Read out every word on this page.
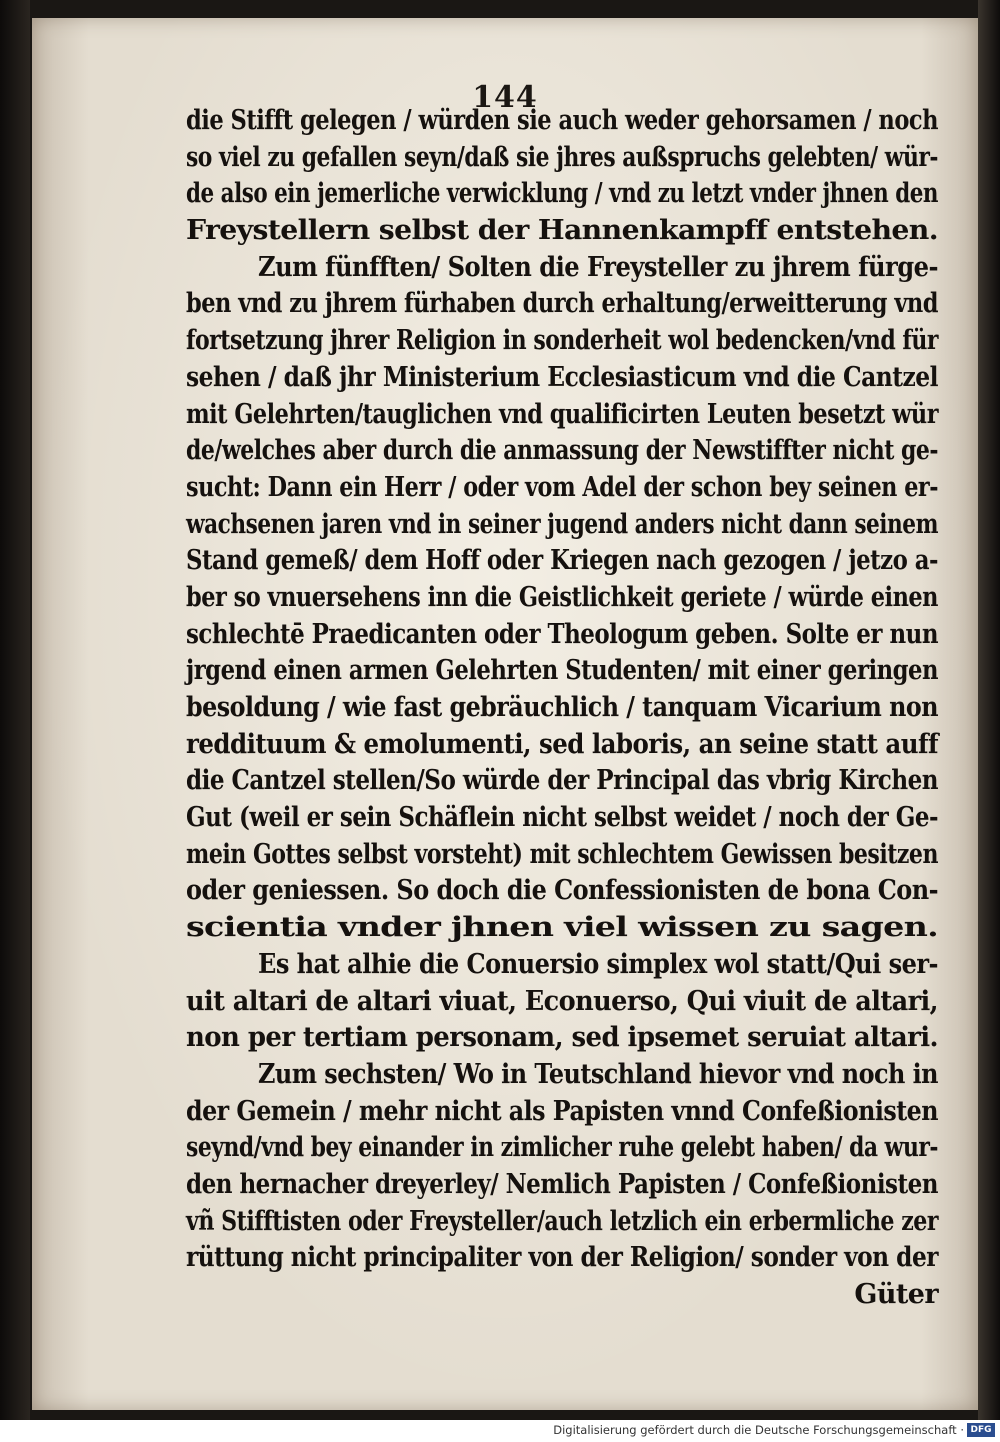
144
die Stifft gelegen / würden sie auch weder gehorsamen / noch
so viel zu gefallen seyn/daß sie jhres außspruchs gelebten/ wür-
de also ein jemerliche verwicklung / vnd zu letzt vnder jhnen den
Freystellern selbst der Hannenkampff entstehen.
Zum fünfften/ Solten die Freysteller zu jhrem fürge-
ben vnd zu jhrem fürhaben durch erhaltung/erweitterung vnd
fortsetzung jhrer Religion in sonderheit wol bedencken/vnd für
sehen / daß jhr Ministerium Ecclesiasticum vnd die Cantzel
mit Gelehrten/tauglichen vnd qualificirten Leuten besetzt wür
de/welches aber durch die anmassung der Newstiffter nicht ge-
sucht: Dann ein Herr / oder vom Adel der schon bey seinen er-
wachsenen jaren vnd in seiner jugend anders nicht dann seinem
Stand gemeß/ dem Hoff oder Kriegen nach gezogen / jetzo a-
ber so vnuersehens inn die Geistlichkeit geriete / würde einen
schlechtē Praedicanten oder Theologum geben. Solte er nun
jrgend einen armen Gelehrten Studenten/ mit einer geringen
besoldung / wie fast gebräuchlich / tanquam Vicarium non
reddituum & emolumenti, sed laboris, an seine statt auff
die Cantzel stellen/So würde der Principal das vbrig Kirchen
Gut (weil er sein Schäflein nicht selbst weidet / noch der Ge-
mein Gottes selbst vorsteht) mit schlechtem Gewissen besitzen
oder geniessen. So doch die Confessionisten de bona Con-
scientia vnder jhnen viel wissen zu sagen.
Es hat alhie die Conuersio simplex wol statt/Qui ser-
uit altari de altari viuat, Econuerso, Qui viuit de altari,
non per tertiam personam, sed ipsemet seruiat altari.
Zum sechsten/ Wo in Teutschland hievor vnd noch in
der Gemein / mehr nicht als Papisten vnnd Confeßionisten
seynd/vnd bey einander in zimlicher ruhe gelebt haben/ da wur-
den hernacher dreyerley/ Nemlich Papisten / Confeßionisten
vñ Stifftisten oder Freysteller/auch letzlich ein erbermliche zer
rüttung nicht principaliter von der Religion/ sonder von der
Güter
Digitalisierung gefördert durch die Deutsche Forschungsgemeinschaft · DFG
